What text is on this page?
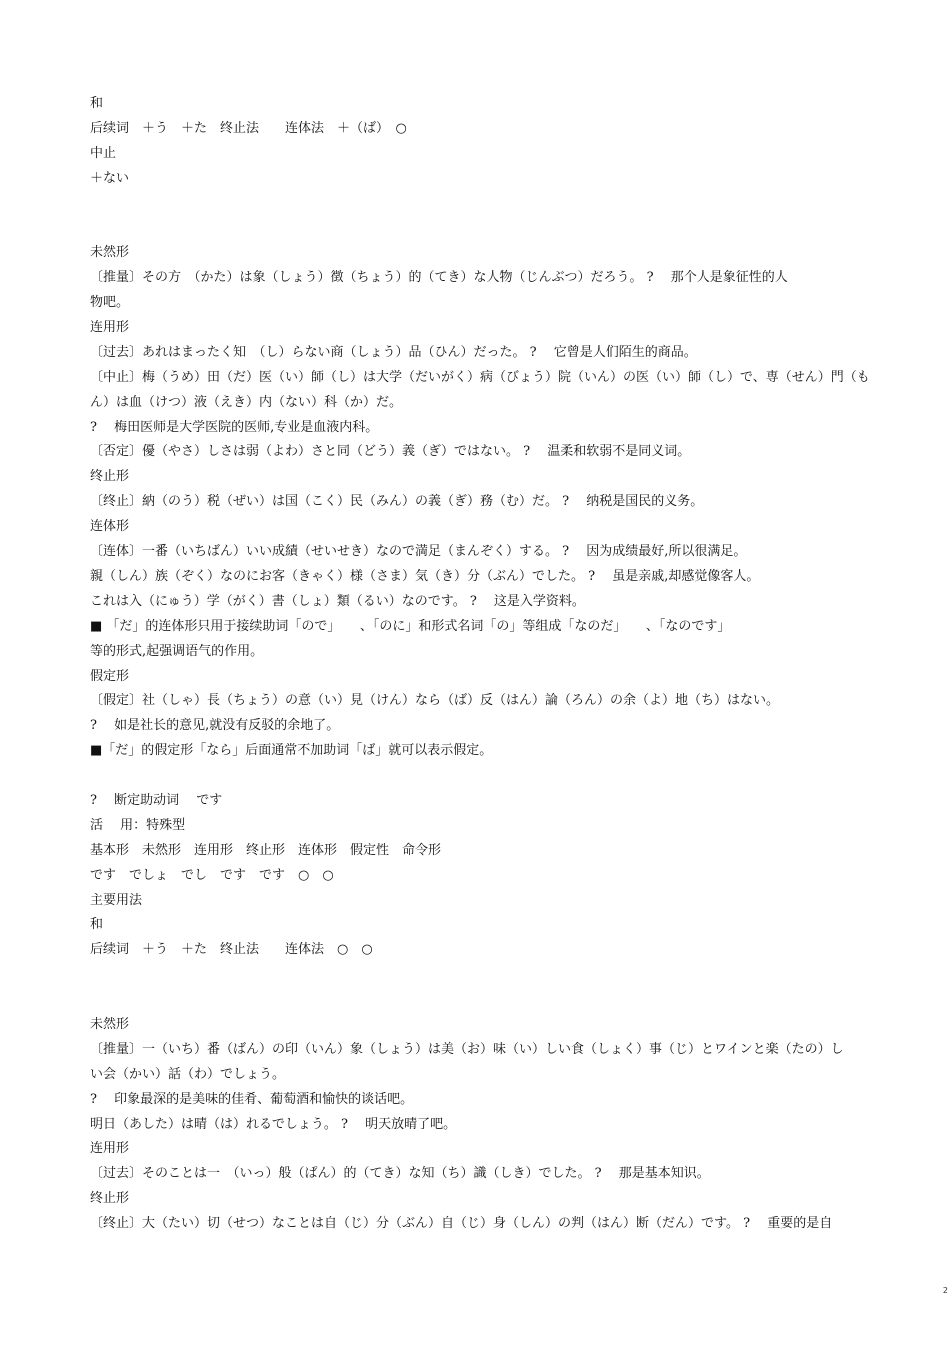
和
后续词　＋う　＋た　终止法　　连体法　＋（ば）　○
中止
＋ない
未然形
〔推量〕その方　（かた）は象（しょう）徴（ちょう）的（てき）な人物（じんぶつ）だろう。 ?　 那个人是象征性的人
物吧。
连用形
〔过去〕あれはまったく知　（し）らない商（しょう）品（ひん）だった。 ?　 它曾是人们陌生的商品。
〔中止〕梅（うめ）田（だ）医（い）師（し）は大学（だいがく）病（びょう）院（いん）の医（い）師（し）で、専（せん）門（も
ん）は血（けつ）液（えき）内（ない）科（か）だ。
?　 梅田医师是大学医院的医师,专业是血液内科。
〔否定〕優（やさ）しさは弱（よわ）さと同（どう）義（ぎ）ではない。 ?　 温柔和软弱不是同义词。
终止形
〔终止〕納（のう）税（ぜい）は国（こく）民（みん）の義（ぎ）務（む）だ。 ?　 纳税是国民的义务。
连体形
〔连体〕一番（いちばん）いい成績（せいせき）なので満足（まんぞく）する。 ?　 因为成绩最好,所以很满足。
親（しん）族（ぞく）なのにお客（きゃく）様（さま）気（き）分（ぶん）でした。 ?　 虽是亲戚,却感觉像客人。
これは入（にゅう）学（がく）書（しょ）類（るい）なのです。 ?　 这是入学资料。
■ 「だ」的连体形只用于接续助词「ので」　　、「のに」和形式名词「の」等组成「なのだ」　　、「なのです」
等的形式,起强调语气的作用。
假定形
〔假定〕社（しゃ）長（ちょう）の意（い）見（けん）なら（ば）反（はん）論（ろん）の余（よ）地（ち）はない。
?　 如是社长的意见,就没有反驳的余地了。
■「だ」的假定形「なら」后面通常不加助词「ば」就可以表示假定。
?　 断定助动词　 です
活　 用：特殊型
基本形　未然形　连用形　终止形　连体形　假定性　命令形
です　でしょ　でし　です　です　○　○
主要用法
和
后续词　＋う　＋た　终止法　　连体法　○　○
未然形
〔推量〕一（いち）番（ばん）の印（いん）象（しょう）は美（お）味（い）しい食（しょく）事（じ）とワインと楽（たの）し
い会（かい）話（わ）でしょう。
?　 印象最深的是美味的佳肴、葡萄酒和愉快的谈话吧。
明日（あした）は晴（は）れるでしょう。 ?　 明天放晴了吧。
连用形
〔过去〕そのことは一　（いっ）般（ぱん）的（てき）な知（ち）識（しき）でした。 ?　 那是基本知识。
终止形
〔终止〕大（たい）切（せつ）なことは自（じ）分（ぶん）自（じ）身（しん）の判（はん）断（だん）です。 ?　 重要的是自
2
